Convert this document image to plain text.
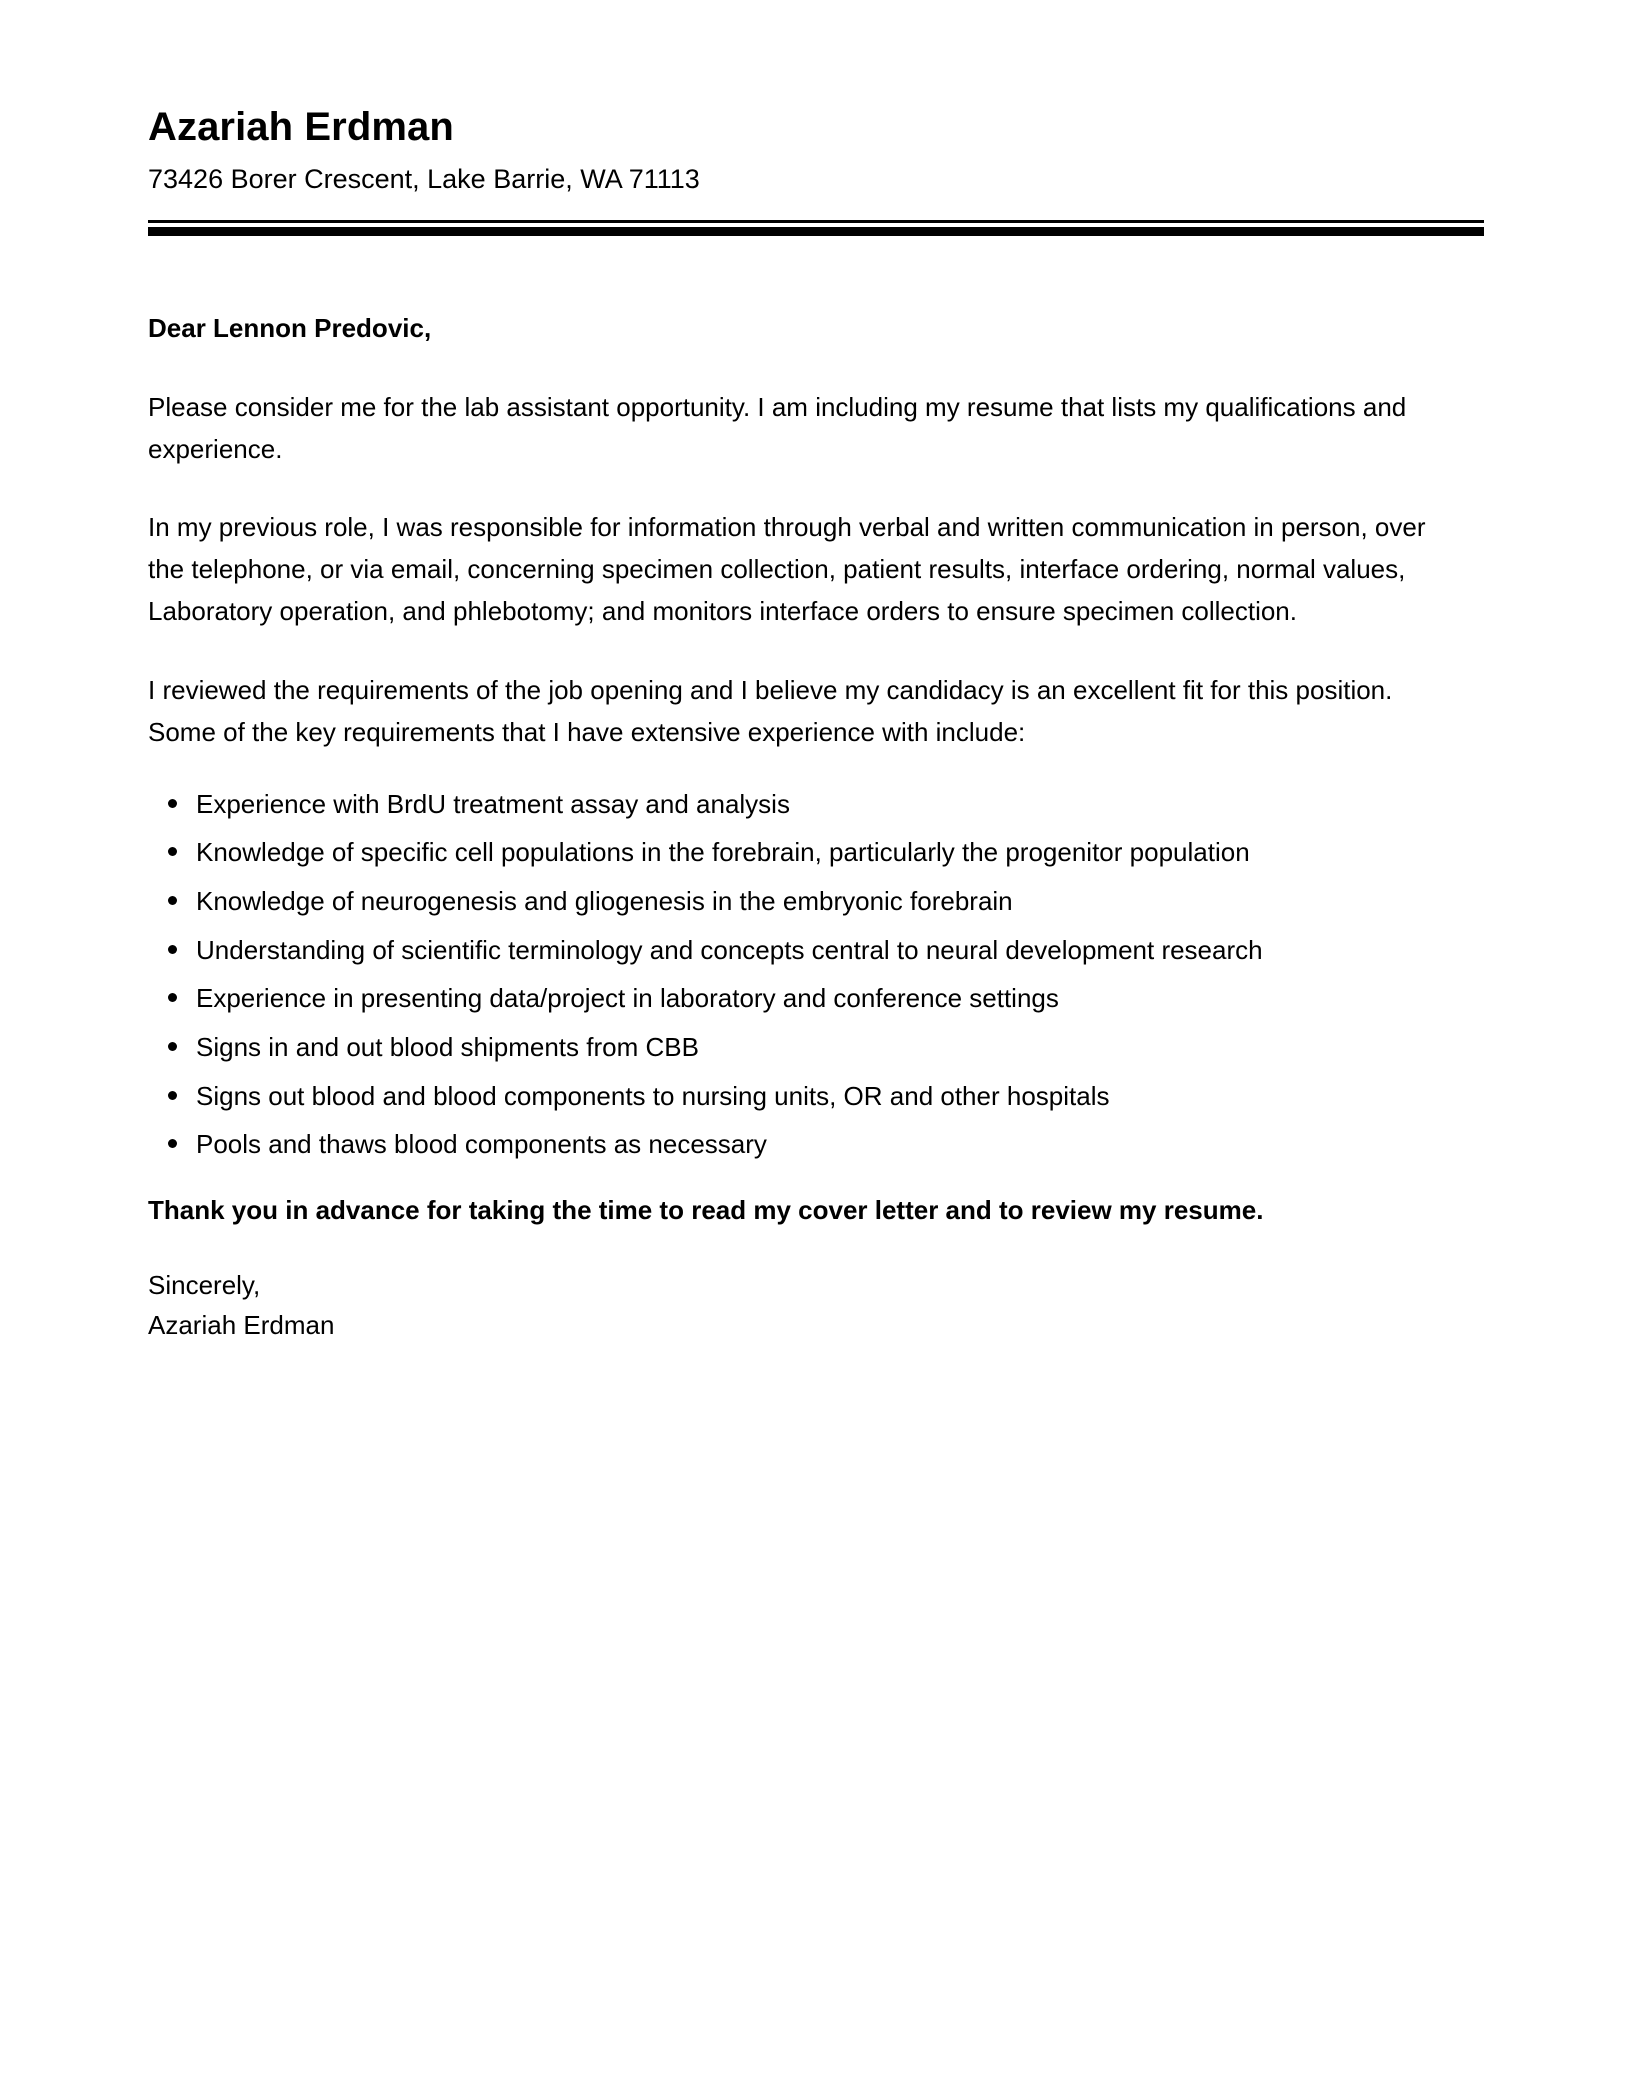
Azariah Erdman

73426 Borer Crescent, Lake Barrie, WA 71113

Dear Lennon Predovic,

Please consider me for the lab assistant opportunity. I am including my resume that lists my qualifications and experience.

In my previous role, I was responsible for information through verbal and written communication in person, over the telephone, or via email, concerning specimen collection, patient results, interface ordering, normal values, Laboratory operation, and phlebotomy; and monitors interface orders to ensure specimen collection.

I reviewed the requirements of the job opening and I believe my candidacy is an excellent fit for this position. Some of the key requirements that I have extensive experience with include:

Experience with BrdU treatment assay and analysis
Knowledge of specific cell populations in the forebrain, particularly the progenitor population
Knowledge of neurogenesis and gliogenesis in the embryonic forebrain
Understanding of scientific terminology and concepts central to neural development research
Experience in presenting data/project in laboratory and conference settings
Signs in and out blood shipments from CBB
Signs out blood and blood components to nursing units, OR and other hospitals
Pools and thaws blood components as necessary

Thank you in advance for taking the time to read my cover letter and to review my resume.

Sincerely,

Azariah Erdman
